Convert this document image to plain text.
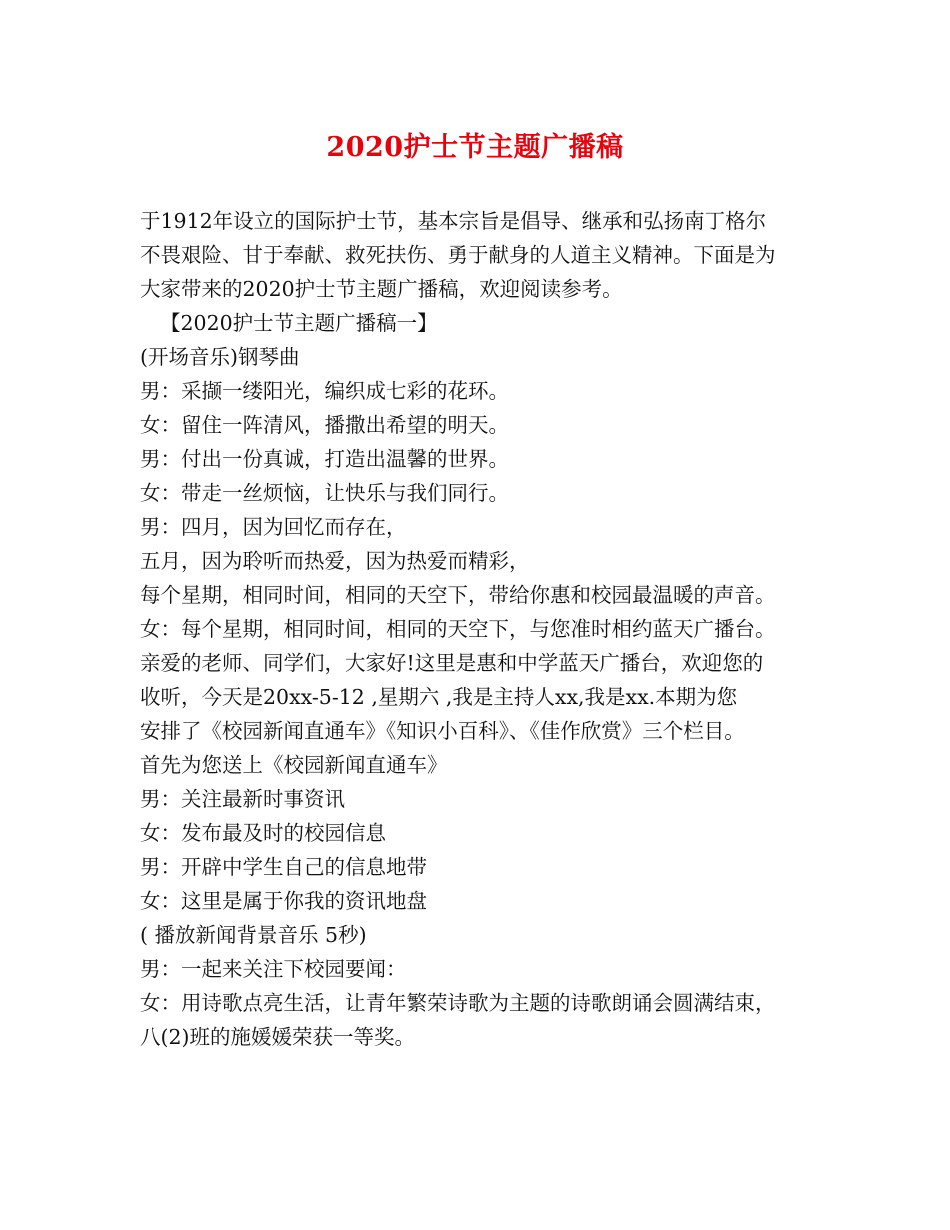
2020护士节主题广播稿
于1912年设立的国际护士节，基本宗旨是倡导、继承和弘扬南丁格尔
不畏艰险、甘于奉献、救死扶伤、勇于献身的人道主义精神。下面是为
大家带来的2020护士节主题广播稿，欢迎阅读参考。
【2020护士节主题广播稿一】
(开场音乐)钢琴曲
男：采撷一缕阳光，编织成七彩的花环。
女：留住一阵清风，播撒出希望的明天。
男：付出一份真诚，打造出温馨的世界。
女：带走一丝烦恼，让快乐与我们同行。
男：四月，因为回忆而存在，
五月，因为聆听而热爱，因为热爱而精彩，
每个星期，相同时间，相同的天空下，带给你惠和校园最温暖的声音。
女：每个星期，相同时间，相同的天空下，与您准时相约蓝天广播台。
亲爱的老师、同学们，大家好!这里是惠和中学蓝天广播台，欢迎您的
收听，今天是20xx-5-12 ,星期六 ,我是主持人xx,我是xx.本期为您
安排了《校园新闻直通车》《知识小百科》、《佳作欣赏》三个栏目。
首先为您送上《校园新闻直通车》
男：关注最新时事资讯
女：发布最及时的校园信息
男：开辟中学生自己的信息地带
女：这里是属于你我的资讯地盘
( 播放新闻背景音乐 5秒)
男：一起来关注下校园要闻：
女：用诗歌点亮生活，让青年繁荣诗歌为主题的诗歌朗诵会圆满结束，
八(2)班的施媛媛荣获一等奖。
